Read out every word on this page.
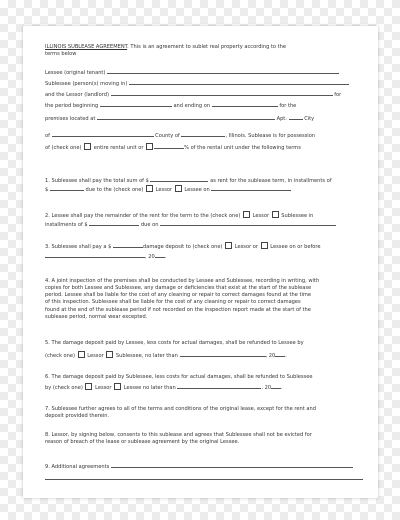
ILLINOIS SUBLEASE AGREEMENT. This is an agreement to sublet real property according to the
terms below
Lessee (original tenant)
Sublessee (person(s) moving in)
and the Lessor (landlord)	for
the period beginning	and ending on	for the
premises located at	Apt.	City
of	County of	, Illinois. Sublease is for possession
of (check one) entire rental unit or	% of the rental unit under the following terms
1. Sublessee shall pay the total sum of $	as rent for the sublease term, in installments of
$	due to the (check one) Lessor Lessee on
2. Lessee shall pay the remainder of the rent for the term to the (check one) Lessor Sublessee in
installments of $	due on
3. Sublessee shall pay a $	damage deposit to (check one) Lessor or Lessee on or before
, 20 .
4. A joint inspection of the premises shall be conducted by Lessee and Sublessee, recording in writing, with
copies for both Lessee and Sublessee, any damage or deficiencies that exist at the start of the sublease
period. Lessee shall be liable for the cost of any cleaning or repair to correct damages found at the time
of this inspection. Sublessee shall be liable for the cost of any cleaning or repair to correct damages
found at the end of the sublease period if not recorded on the inspection report made at the start of the
sublease period, normal wear excepted.
5. The damage deposit paid by Lessee, less costs for actual damages, shall be refunded to Lessee by
(check one) Lessor Sublessee, no later than	, 20 .
6. The damage deposit paid by Sublessee, less costs for actual damages, shall be refunded to Sublessee
by (check one) Lessor Lessee no later than	, 20 .
7. Sublessee further agrees to all of the terms and conditions of the original lease, except for the rent and
deposit provided therein.
8. Lessor, by signing below, consents to this sublease and agrees that Sublessee shall not be evicted for
reason of breach of the lease or sublease agreement by the original Lessee.
9. Additional agreements
